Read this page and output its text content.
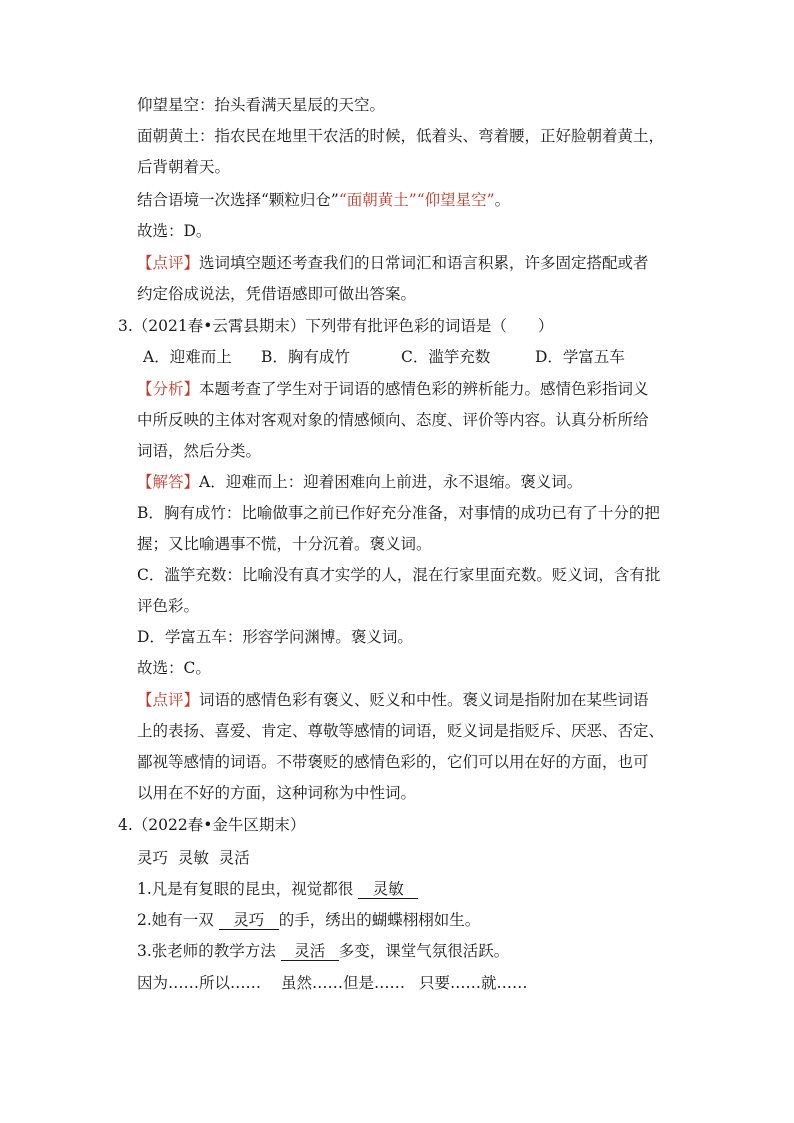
仰望星空：抬头看满天星辰的天空。
面朝黄土：指农民在地里干农活的时候，低着头、弯着腰，正好脸朝着黄土，
后背朝着天。
结合语境一次选择“颗粒归仓”“面朝黄土”“仰望星空”。
故选：D。
【点评】选词填空题还考查我们的日常词汇和语言积累，许多固定搭配或者
约定俗成说法，凭借语感即可做出答案。
3.（2021春•云霄县期末）下列带有批评色彩的词语是（　　）
A．迎难而上 B．胸有成竹	C．滥竽充数	D．学富五车
【分析】本题考查了学生对于词语的感情色彩的辨析能力。感情色彩指词义
中所反映的主体对客观对象的情感倾向、态度、评价等内容。认真分析所给
词语，然后分类。
【解答】A．迎难而上：迎着困难向上前进，永不退缩。褒义词。
B．胸有成竹：比喻做事之前已作好充分准备，对事情的成功已有了十分的把
握；又比喻遇事不慌，十分沉着。褒义词。
C．滥竽充数：比喻没有真才实学的人，混在行家里面充数。贬义词，含有批
评色彩。
D．学富五车：形容学问渊博。褒义词。
故选：C。
【点评】词语的感情色彩有褒义、贬义和中性。褒义词是指附加在某些词语
上的表扬、喜爱、肯定、尊敬等感情的词语，贬义词是指贬斥、厌恶、否定、
鄙视等感情的词语。不带褒贬的感情色彩的，它们可以用在好的方面，也可
以用在不好的方面，这种词称为中性词。
4.（2022春•金牛区期末）
灵巧  灵敏  灵活
1.凡是有复眼的昆虫，视觉都很 灵敏
2.她有一双 灵巧 的手，绣出的蝴蝶栩栩如生。
3.张老师的教学方法 灵活 多变，课堂气氛很活跃。
因为……所以…… 虽然……但是…… 只要……就……
